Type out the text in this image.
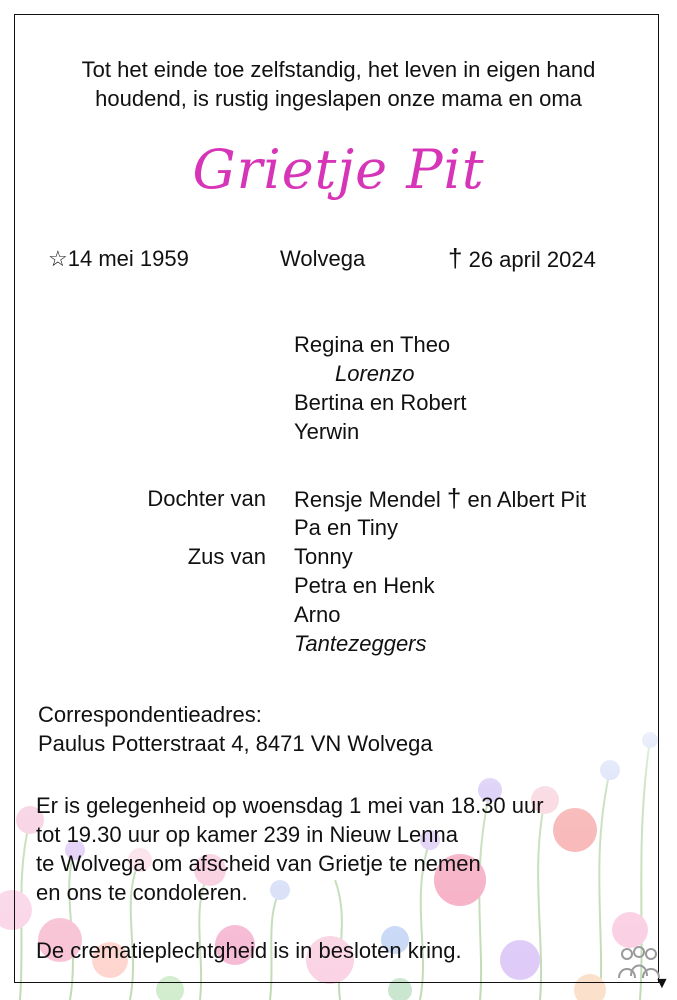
Tot het einde toe zelfstandig, het leven in eigen hand
houdend, is rustig ingeslapen onze mama en oma
Grietje Pit
☆14 mei 1959	Wolvega	† 26 april 2024
Regina en Theo
Lorenzo
Bertina en Robert
Yerwin
Dochter van Rensje Mendel † en Albert Pit
Pa en Tiny
Zus van Tonny
Petra en Henk
Arno
Tantezeggers
Correspondentieadres:
Paulus Potterstraat 4, 8471 VN Wolvega
Er is gelegenheid op woensdag 1 mei van 18.30 uur
tot 19.30 uur op kamer 239 in Nieuw Lenna
te Wolvega om afscheid van Grietje te nemen
en ons te condoleren.
De crematieplechtgheid is in besloten kring.
▼
